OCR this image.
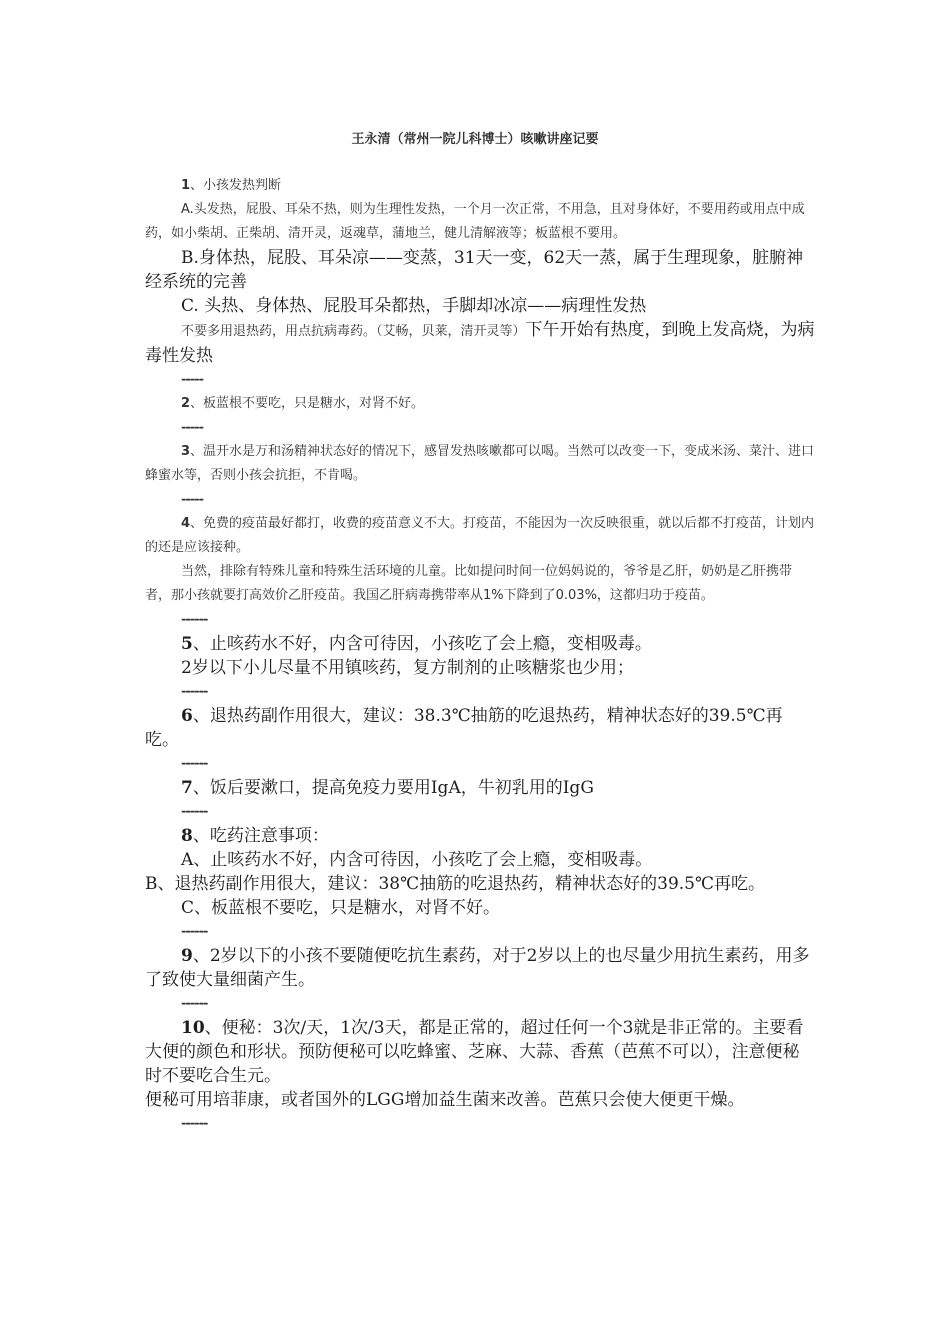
王永清（常州一院儿科博士）咳嗽讲座记要

1、小孩发热判断

A.头发热，屁股、耳朵不热，则为生理性发热，一个月一次正常，不用急，且对身体好，不要用药或用点中成药，如小柴胡、正柴胡、清开灵，返魂草，蒲地兰，健儿清解液等；板蓝根不要用。

B.身体热，屁股、耳朵凉——变蒸，31天一变，62天一蒸，属于生理现象，脏腑神经系统的完善

C. 头热、身体热、屁股耳朵都热，手脚却冰凉——病理性发热

不要多用退热药，用点抗病毒药。（艾畅，贝莱，清开灵等）下午开始有热度，到晚上发高烧，为病毒性发热

-----

2、板蓝根不要吃，只是糖水，对肾不好。

-----

3、温开水是万和汤精神状态好的情况下，感冒发热咳嗽都可以喝。当然可以改变一下，变成米汤、菜汁、进口蜂蜜水等，否则小孩会抗拒，不肯喝。

-----

4、免费的疫苗最好都打，收费的疫苗意义不大。打疫苗，不能因为一次反映很重，就以后都不打疫苗，计划内的还是应该接种。

当然，排除有特殊儿童和特殊生活环境的儿童。比如提问时间一位妈妈说的，爷爷是乙肝，奶奶是乙肝携带者，那小孩就要打高效价乙肝疫苗。我国乙肝病毒携带率从1%下降到了0.03%，这都归功于疫苗。

------

5、止咳药水不好，内含可待因，小孩吃了会上瘾，变相吸毒。

2岁以下小儿尽量不用镇咳药，复方制剂的止咳糖浆也少用；

------

6、退热药副作用很大，建议：38.3℃抽筋的吃退热药，精神状态好的39.5℃再吃。

------

7、饭后要漱口，提高免疫力要用IgA，牛初乳用的IgG

------

8、吃药注意事项：

A、止咳药水不好，内含可待因，小孩吃了会上瘾，变相吸毒。

B、退热药副作用很大，建议：38℃抽筋的吃退热药，精神状态好的39.5℃再吃。

C、板蓝根不要吃，只是糖水，对肾不好。

------

9、2岁以下的小孩不要随便吃抗生素药，对于2岁以上的也尽量少用抗生素药，用多了致使大量细菌产生。

------

10、便秘：3次/天，1次/3天，都是正常的，超过任何一个3就是非正常的。主要看大便的颜色和形状。预防便秘可以吃蜂蜜、芝麻、大蒜、香蕉（芭蕉不可以），注意便秘时不要吃合生元。

便秘可用培菲康，或者国外的LGG增加益生菌来改善。芭蕉只会使大便更干燥。

------
